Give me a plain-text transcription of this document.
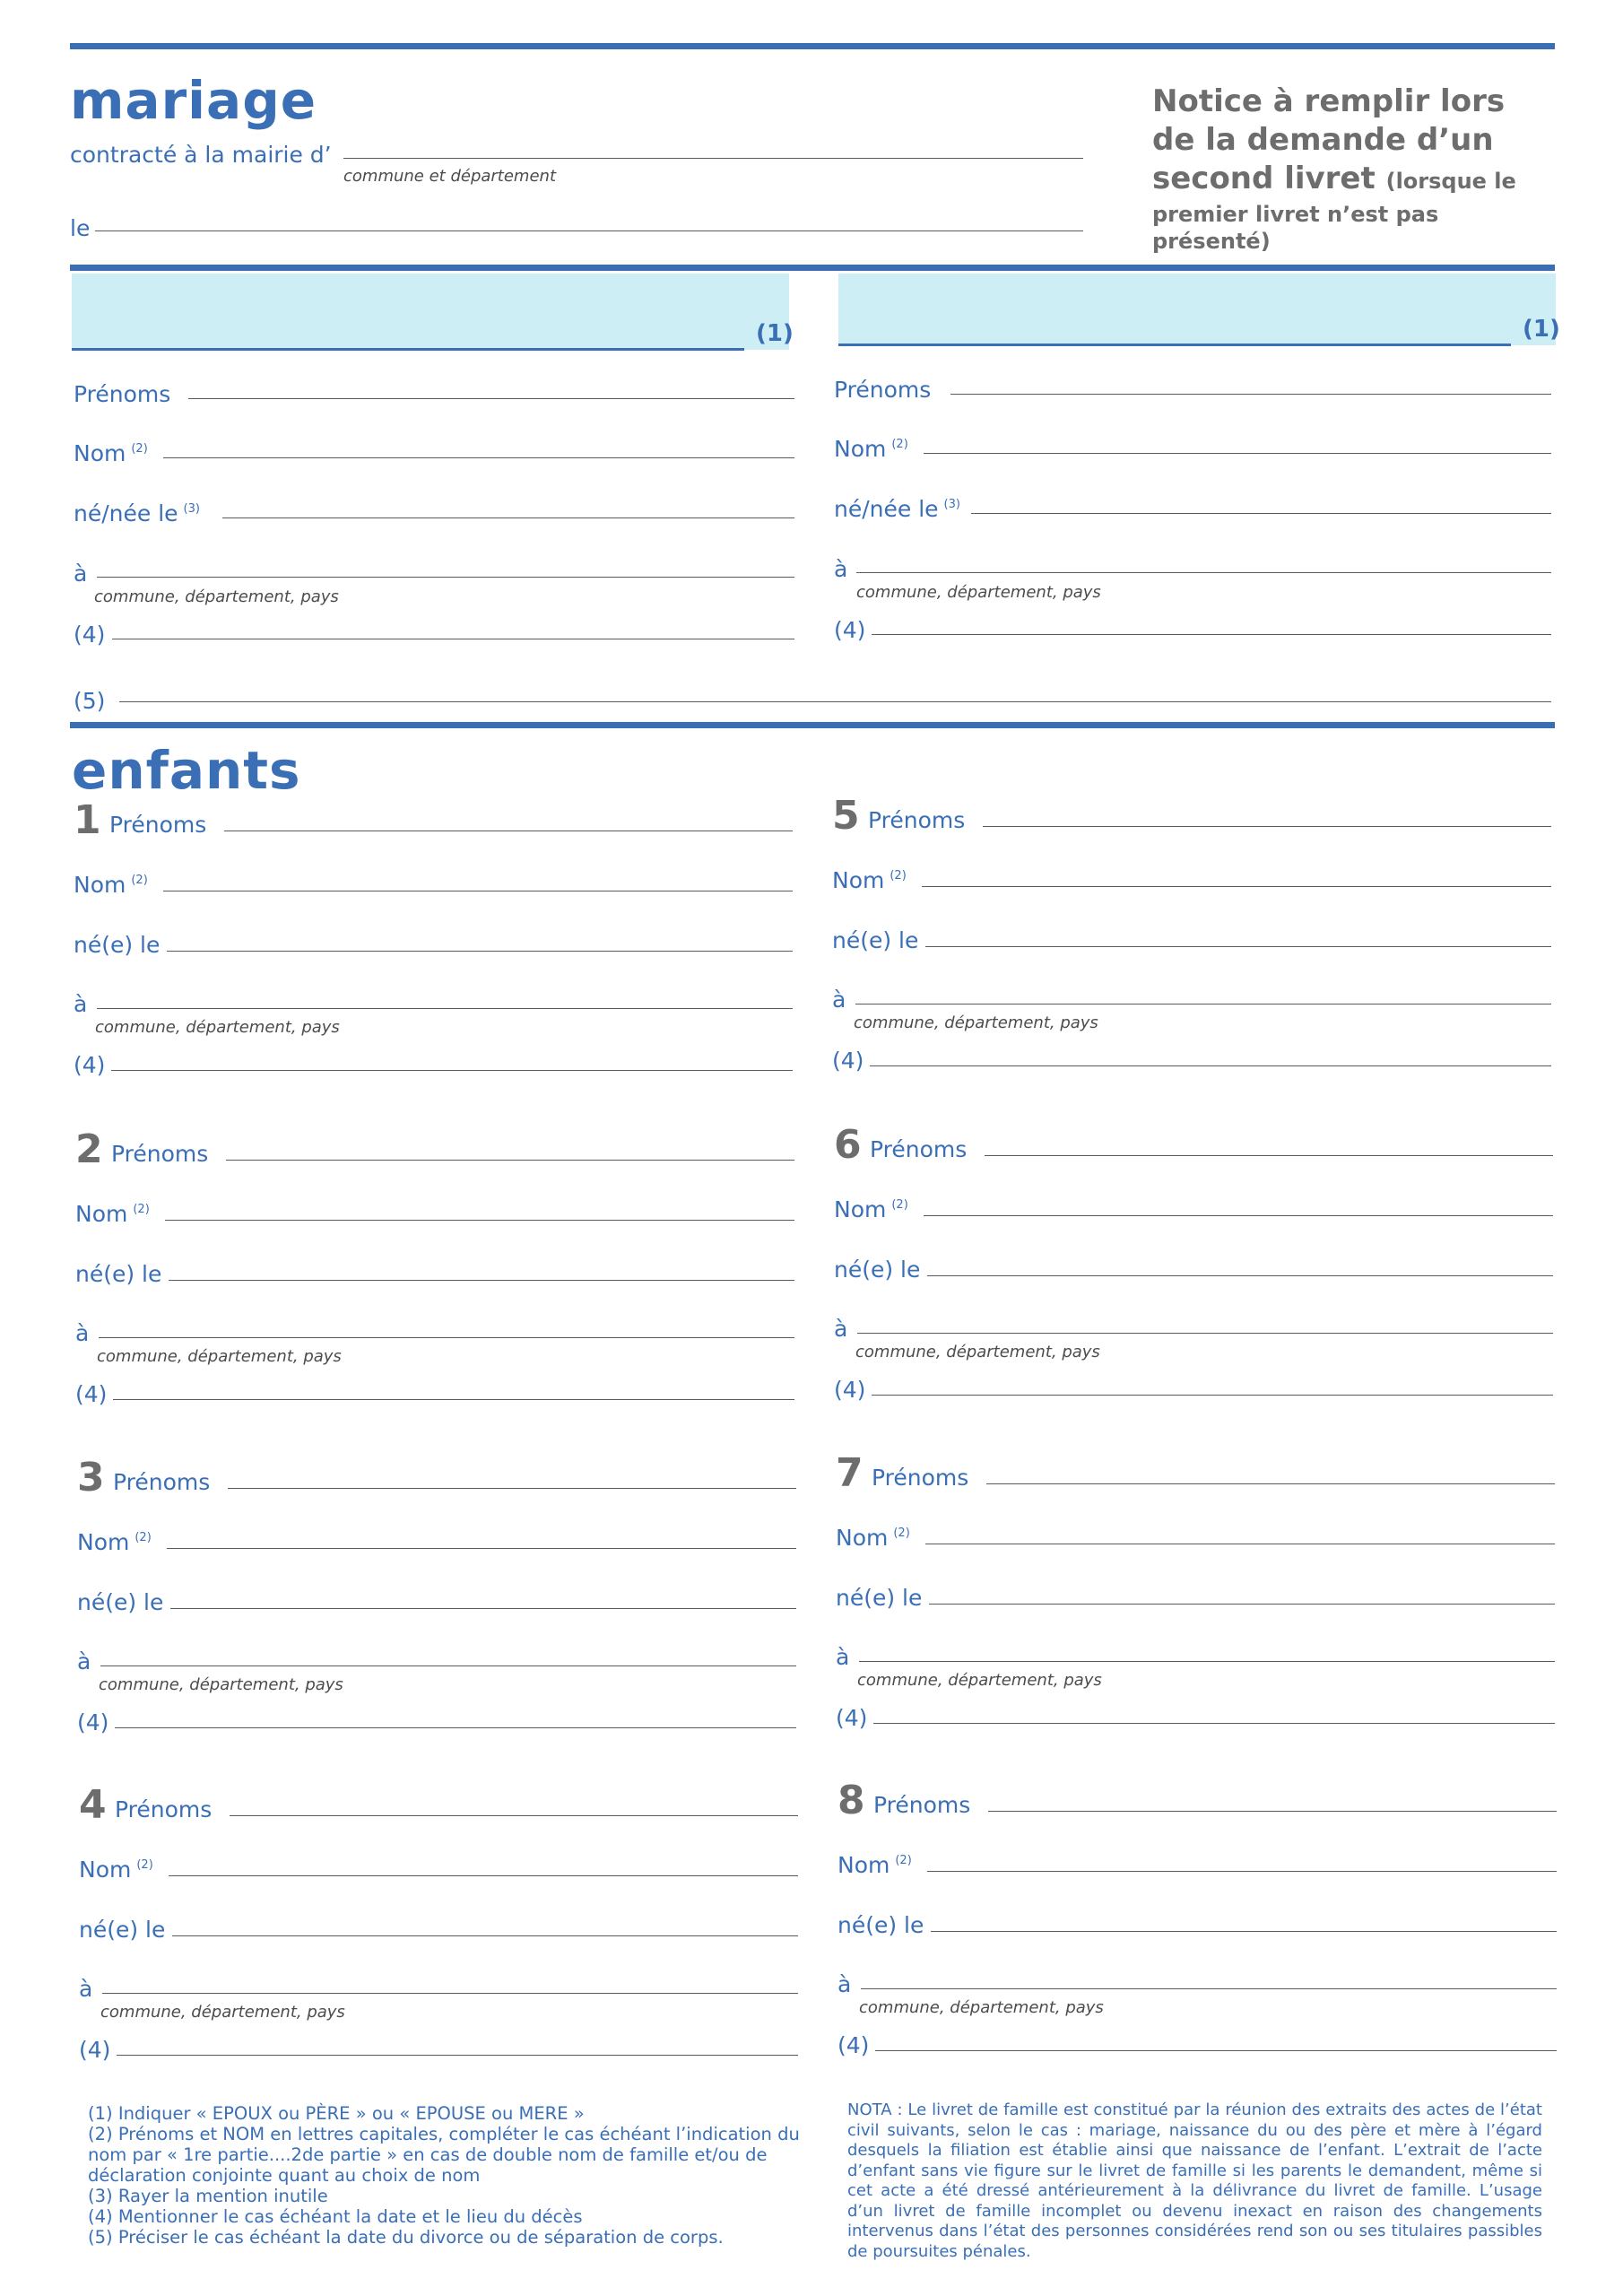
mariage
contracté à la mairie d’
commune et département
le
Notice à remplir lors
de la demande d’un
second livret (lorsque le
premier livret n’est pas présenté)
(1)	(1)
Prénoms
Nom $^{(2)}$
né/née le $^{(3)}$
à
commune, département, pays
(4)
Prénoms
Nom $^{(2)}$
né/née le $^{(3)}$
à
commune, département, pays
(4)
(5)
enfants
1 Prénoms
Nom $^{(2)}$
né(e) le
à
commune, département, pays
(4)
2 Prénoms
Nom $^{(2)}$
né(e) le
à
commune, département, pays
(4)
3 Prénoms
Nom $^{(2)}$
né(e) le
à
commune, département, pays
(4)
4 Prénoms
Nom $^{(2)}$
né(e) le
à
commune, département, pays
(4)
5 Prénoms
Nom $^{(2)}$
né(e) le
à
commune, département, pays
(4)
6 Prénoms
Nom $^{(2)}$
né(e) le
à
commune, département, pays
(4)
7 Prénoms
Nom $^{(2)}$
né(e) le
à
commune, département, pays
(4)
8 Prénoms
Nom $^{(2)}$
né(e) le
à
commune, département, pays
(4)
(1) Indiquer « EPOUX ou PÈRE » ou « EPOUSE ou MERE »
(2) Prénoms et NOM en lettres capitales, compléter le cas échéant l’indication du
nom par « 1re partie....2de partie » en cas de double nom de famille et/ou de
déclaration conjointe quant au choix de nom
(3) Rayer la mention inutile
(4) Mentionner le cas échéant la date et le lieu du décès
(5) Préciser le cas échéant la date du divorce ou de séparation de corps.
NOTA : Le livret de famille est constitué par la réunion des extraits des actes de l’état civil suivants, selon le cas : mariage, naissance du ou des père et mère à l’égard desquels la filiation est établie ainsi que naissance de l’enfant. L’extrait de l’acte d’enfant sans vie figure sur le livret de famille si les parents le demandent, même si cet acte a été dressé antérieurement à la délivrance du livret de famille. L’usage d’un livret de famille incomplet ou devenu inexact en raison des changements intervenus dans l’état des personnes considérées rend son ou ses titulaires passibles de poursuites pénales.
